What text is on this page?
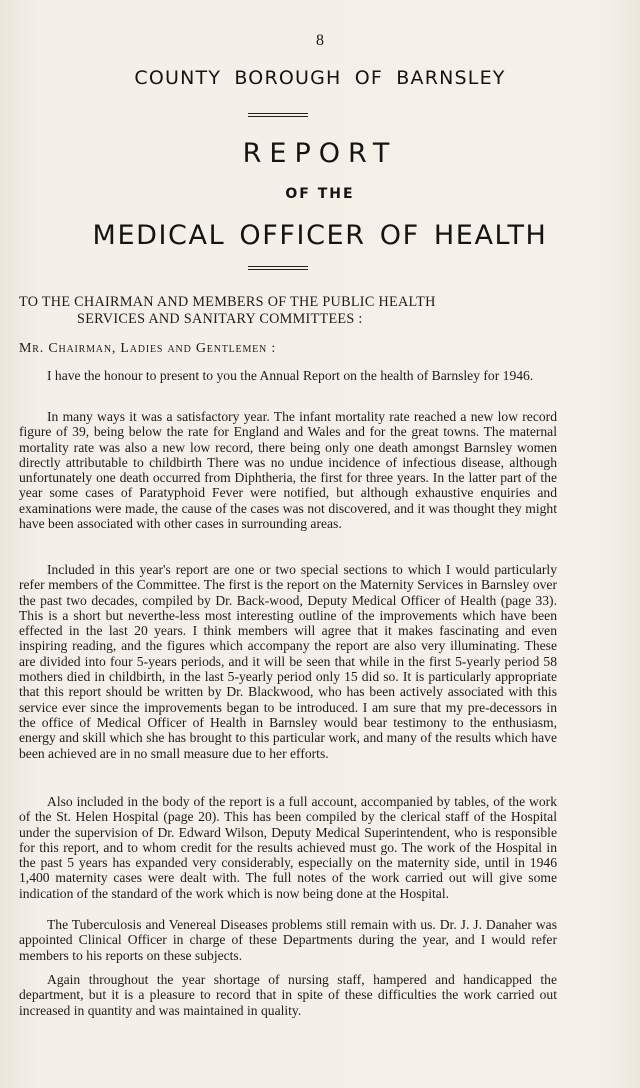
8
COUNTY BOROUGH OF BARNSLEY
REPORT
OF THE
MEDICAL OFFICER OF HEALTH
TO THE CHAIRMAN AND MEMBERS OF THE PUBLIC HEALTH
SERVICES AND SANITARY COMMITTEES :
Mr. Chairman, Ladies and Gentlemen :

I have the honour to present to you the Annual Report on the health of Barnsley for 1946.

In many ways it was a satisfactory year. The infant mortality rate reached a new low record figure of 39, being below the rate for England and Wales and for the great towns. The maternal mortality rate was also a new low record, there being only one death amongst Barnsley women directly attributable to childbirth There was no undue incidence of infectious disease, although unfortunately one death occurred from Diphtheria, the first for three years. In the latter part of the year some cases of Paratyphoid Fever were notified, but although exhaustive enquiries and examinations were made, the cause of the cases was not discovered, and it was thought they might have been associated with other cases in surrounding areas.

Included in this year's report are one or two special sections to which I would particularly refer members of the Committee. The first is the report on the Maternity Services in Barnsley over the past two decades, compiled by Dr. Back-wood, Deputy Medical Officer of Health (page 33). This is a short but neverthe-less most interesting outline of the improvements which have been effected in the last 20 years. I think members will agree that it makes fascinating and even inspiring reading, and the figures which accompany the report are also very illuminating. These are divided into four 5-years periods, and it will be seen that while in the first 5-yearly period 58 mothers died in childbirth, in the last 5-yearly period only 15 did so. It is particularly appropriate that this report should be written by Dr. Blackwood, who has been actively associated with this service ever since the improvements began to be introduced. I am sure that my pre-decessors in the office of Medical Officer of Health in Barnsley would bear testimony to the enthusiasm, energy and skill which she has brought to this particular work, and many of the results which have been achieved are in no small measure due to her efforts.

Also included in the body of the report is a full account, accompanied by tables, of the work of the St. Helen Hospital (page 20). This has been compiled by the clerical staff of the Hospital under the supervision of Dr. Edward Wilson, Deputy Medical Superintendent, who is responsible for this report, and to whom credit for the results achieved must go. The work of the Hospital in the past 5 years has expanded very considerably, especially on the maternity side, until in 1946 1,400 maternity cases were dealt with. The full notes of the work carried out will give some indication of the standard of the work which is now being done at the Hospital.

The Tuberculosis and Venereal Diseases problems still remain with us. Dr. J. J. Danaher was appointed Clinical Officer in charge of these Departments during the year, and I would refer members to his reports on these subjects.

Again throughout the year shortage of nursing staff, hampered and handicapped the department, but it is a pleasure to record that in spite of these difficulties the work carried out increased in quantity and was maintained in quality.
